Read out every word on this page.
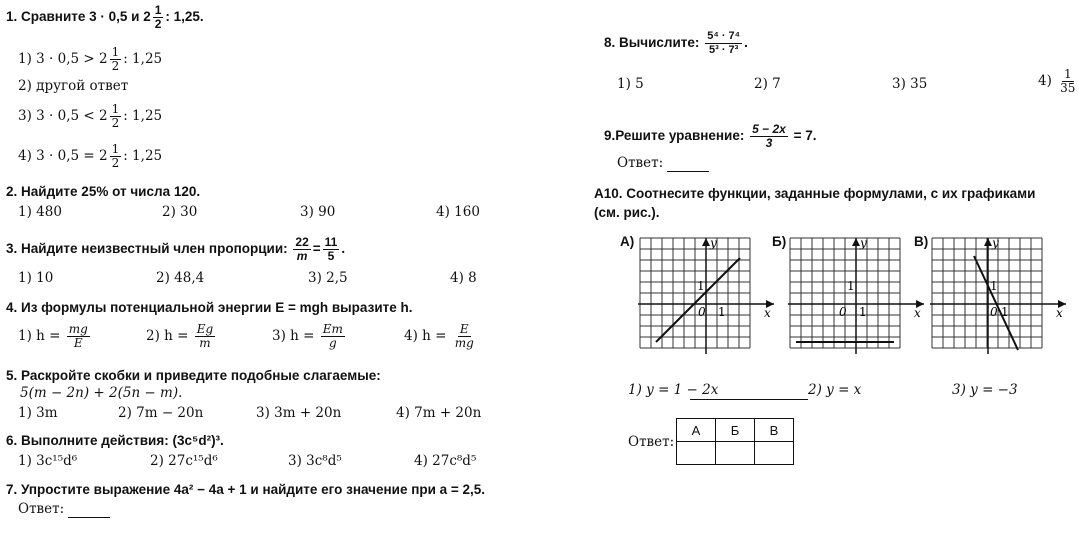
1. Сравните 3 · 0,5 и $2 \frac{1}{2}$ : 1,25.
1) $3 \cdot 0,5 > 2 \frac{1}{2}$ : 1,25
2) другой ответ
3) $3 \cdot 0,5 < 2 \frac{1}{2}$ : 1,25
4) $3 \cdot 0,5 = 2 \frac{1}{2}$ : 1,25
2. Найдите 25% от числа 120.
1) 480	2) 30	3) 90	4) 160
3. Найдите неизвестный член пропорции: $\frac{22}{m} = \frac{11}{5}$ .
1) 10	2) 48,4	3) 2,5	4) 8
4. Из формулы потенциальной энергии E = mgh выразите h.
1) $h = \frac{mg}{E}$	2) $h = \frac{Eg}{m}$	3) $h = \frac{Em}{g}$	4) $h = \frac{E}{mg}$
5. Раскройте скобки и приведите подобные слагаемые:
5(m − 2n) + 2(5n − m).
1) 3m	2) 7m − 20n	3) 3m + 20n	4) 7m + 20n
6. Выполните действия: (3c⁵d²)³.
1) 3c¹⁵d⁶	2) 27c¹⁵d⁶	3) 3c⁸d⁵	4) 27c⁸d⁵
7. Упростите выражение 4a² − 4a + 1 и найдите его значение при a = 2,5.
Ответ:
8. Вычислите: $\frac{\text{5⁴ · 7⁴}}{\text{5³ · 7³}}$ .
1) 5	2) 7	3) 35	$4) \frac{1}{35}$
9.Решите уравнение: $\frac{5 - 2x}{3} = 7$.
Ответ:
А10. Соотнесите функции, заданные формулами, с их графиками
(см. рис.).
А)	y
x
0 1
1
Б)	y
x
0 1
1
В)	y
x
0 1
1
1) y = 1 − 2x	2) y = x	3) y = −3
Ответ:
А	Б	В
